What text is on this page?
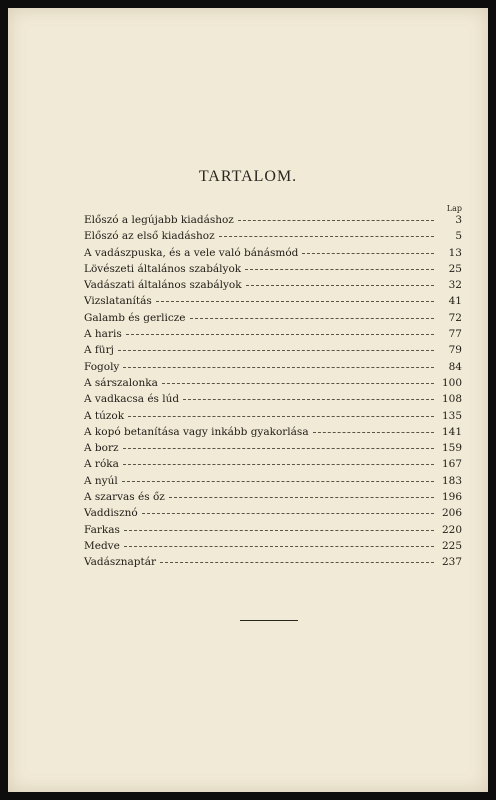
TARTALOM.
Lap
Előszó a legújabb kiadáshoz	3
Előszó az első kiadáshoz	5
A vadászpuska, és a vele való bánásmód	13
Lövészeti általános szabályok	25
Vadászati általános szabályok	32
Vizslatanítás	41
Galamb és gerlicze	72
A haris	77
A fürj	79
Fogoly	84
A sárszalonka	100
A vadkacsa és lúd	108
A túzok	135
A kopó betanítása vagy inkább gyakorlása	141
A borz	159
A róka	167
A nyúl	183
A szarvas és őz	196
Vaddisznó	206
Farkas	220
Medve	225
Vadásznaptár	237
